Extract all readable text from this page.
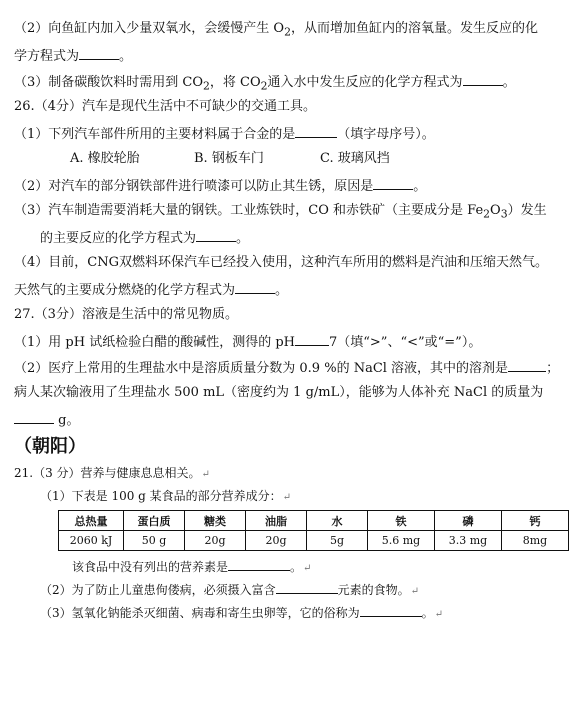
（2）向鱼缸内加入少量双氧水，会缓慢产生 $O_2$，从而增加鱼缸内的溶氧量。发生反应的化
学方程式为	。
（3）制备碳酸饮料时需用到 $CO_2$，将 $CO_2$通入水中发生反应的化学方程式为	。
26.（4分）汽车是现代生活中不可缺少的交通工具。
（1）下列汽车部件所用的主要材料属于合金的是	（填字母序号）。
A. 橡胶轮胎	B. 钢板车门	C. 玻璃风挡
（2）对汽车的部分钢铁部件进行喷漆可以防止其生锈，原因是	。
（3）汽车制造需要消耗大量的钢铁。工业炼铁时，CO 和赤铁矿（主要成分是 $Fe_2O_3$）发生
的主要反应的化学方程式为	。
（4）目前，CNG双燃料环保汽车已经投入使用，这种汽车所用的燃料是汽油和压缩天然气。
天然气的主要成分燃烧的化学方程式为	。
27.（3分）溶液是生活中的常见物质。
（1）用 pH 试纸检验白醋的酸碱性，测得的 pH	7（填“>”、“<”或“=”）。
（2）医疗上常用的生理盐水中是溶质质量分数为 0.9 %的 NaCl 溶液，其中的溶剂是	；
病人某次输液用了生理盐水 500 mL（密度约为 1 g/mL），能够为人体补充 NaCl 的质量为
g。
（朝阳）
21.（3 分）营养与健康息息相关。↵
（1）下表是 100 g 某食品的部分营养成分：↵
总热量	蛋白质	糖类	油脂	水	铁	磷	钙
2060 kJ	50 g	20g	20g	5g	5.6 mg	3.3 mg	8mg
该食品中没有列出的营养素是	。↵
（2）为了防止儿童患佝偻病，必须摄入富含	元素的食物。↵
（3）氢氧化钠能杀灭细菌、病毒和寄生虫卵等，它的俗称为	。↵
